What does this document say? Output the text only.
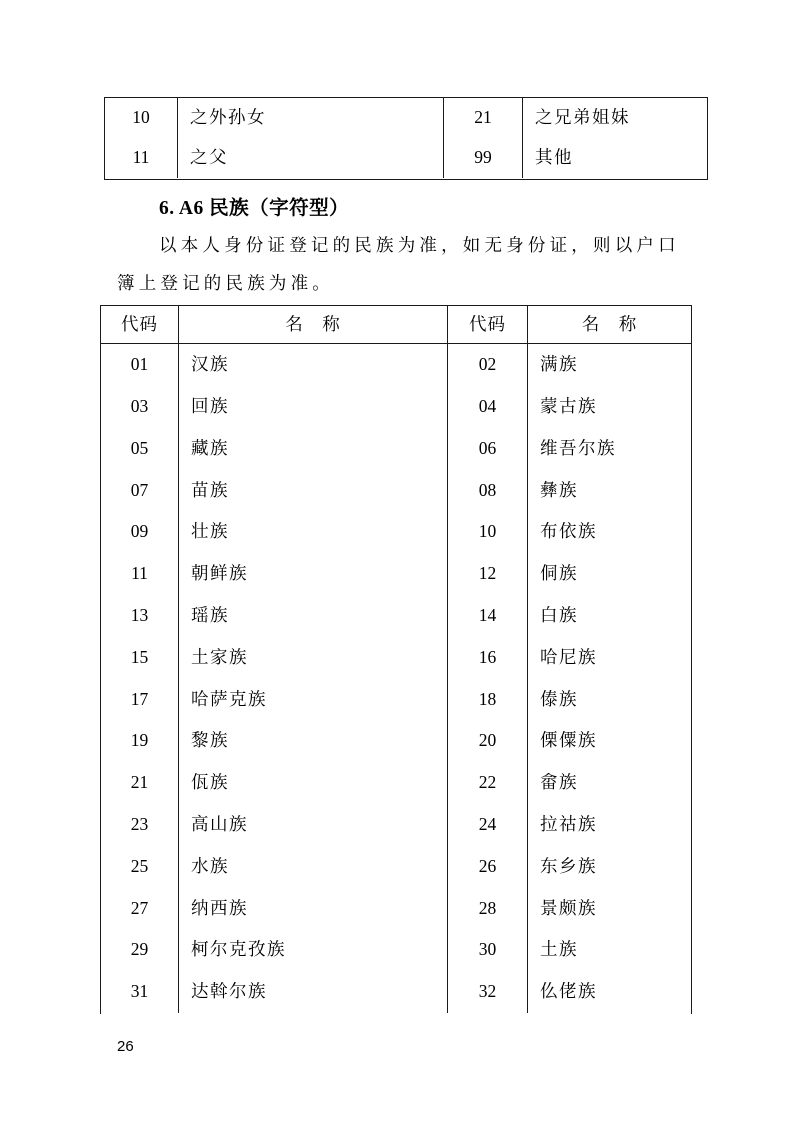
10	之外孙女	21	之兄弟姐妹
11	之父	99	其他
6. A6 民族（字符型）
以本人身份证登记的民族为准，如无身份证，则以户口
簿上登记的民族为准。
代码	名　称	代码	名　称
01	汉族	02	满族
03	回族	04	蒙古族
05	藏族	06	维吾尔族
07	苗族	08	彝族
09	壮族	10	布依族
11	朝鲜族	12	侗族
13	瑶族	14	白族
15	土家族	16	哈尼族
17	哈萨克族	18	傣族
19	黎族	20	傈僳族
21	佤族	22	畲族
23	高山族	24	拉祜族
25	水族	26	东乡族
27	纳西族	28	景颇族
29	柯尔克孜族	30	土族
31	达斡尔族	32	仫佬族
26
